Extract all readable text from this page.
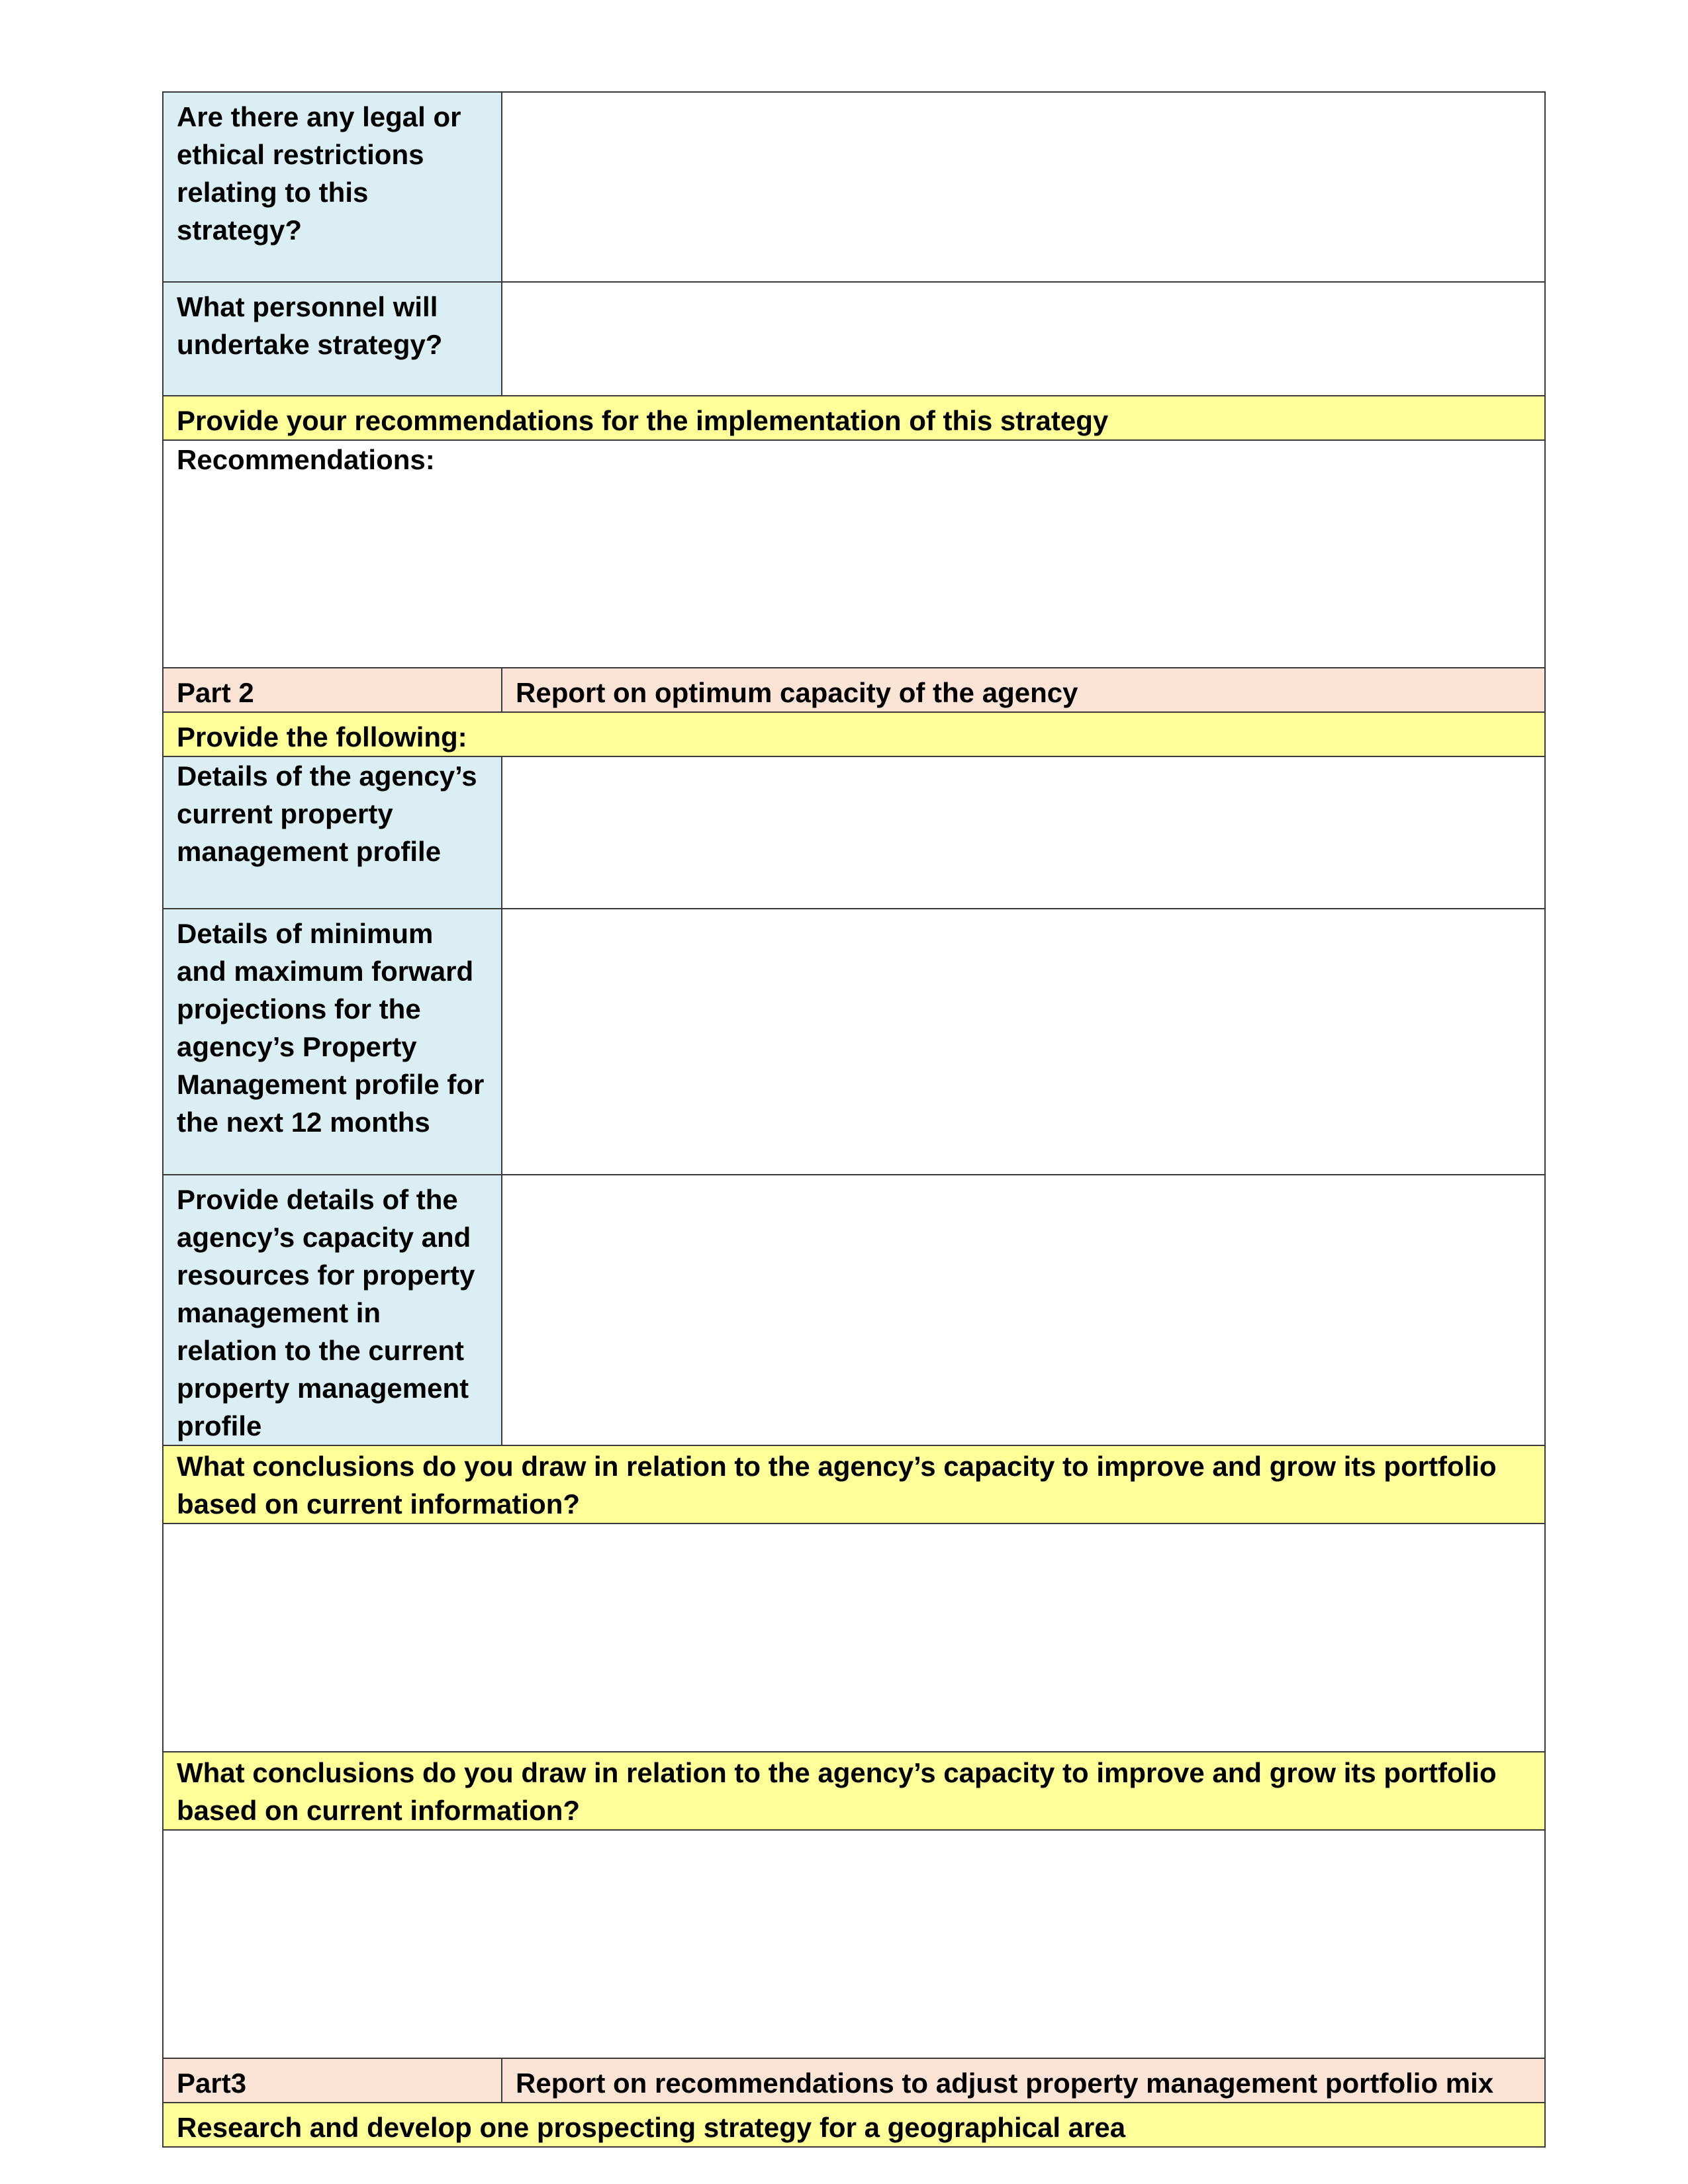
Are there any legal or ethical restrictions relating to this strategy?	
What personnel will undertake strategy?	
Provide your recommendations for the implementation of this strategy	
Recommendations:	
Part 2	Report on optimum capacity of the agency
Provide the following:	
Details of the agency’s current property management profile	
Details of minimum and maximum forward projections for the agency’s Property Management profile for the next 12 months	
Provide details of the agency’s capacity and resources for property management in relation to the current property management profile	
What conclusions do you draw in relation to the agency’s capacity to improve and grow its portfolio based on current information?	

What conclusions do you draw in relation to the agency’s capacity to improve and grow its portfolio based on current information?	

Part3	Report on recommendations to adjust property management portfolio mix
Research and develop one prospecting strategy for a geographical area	
